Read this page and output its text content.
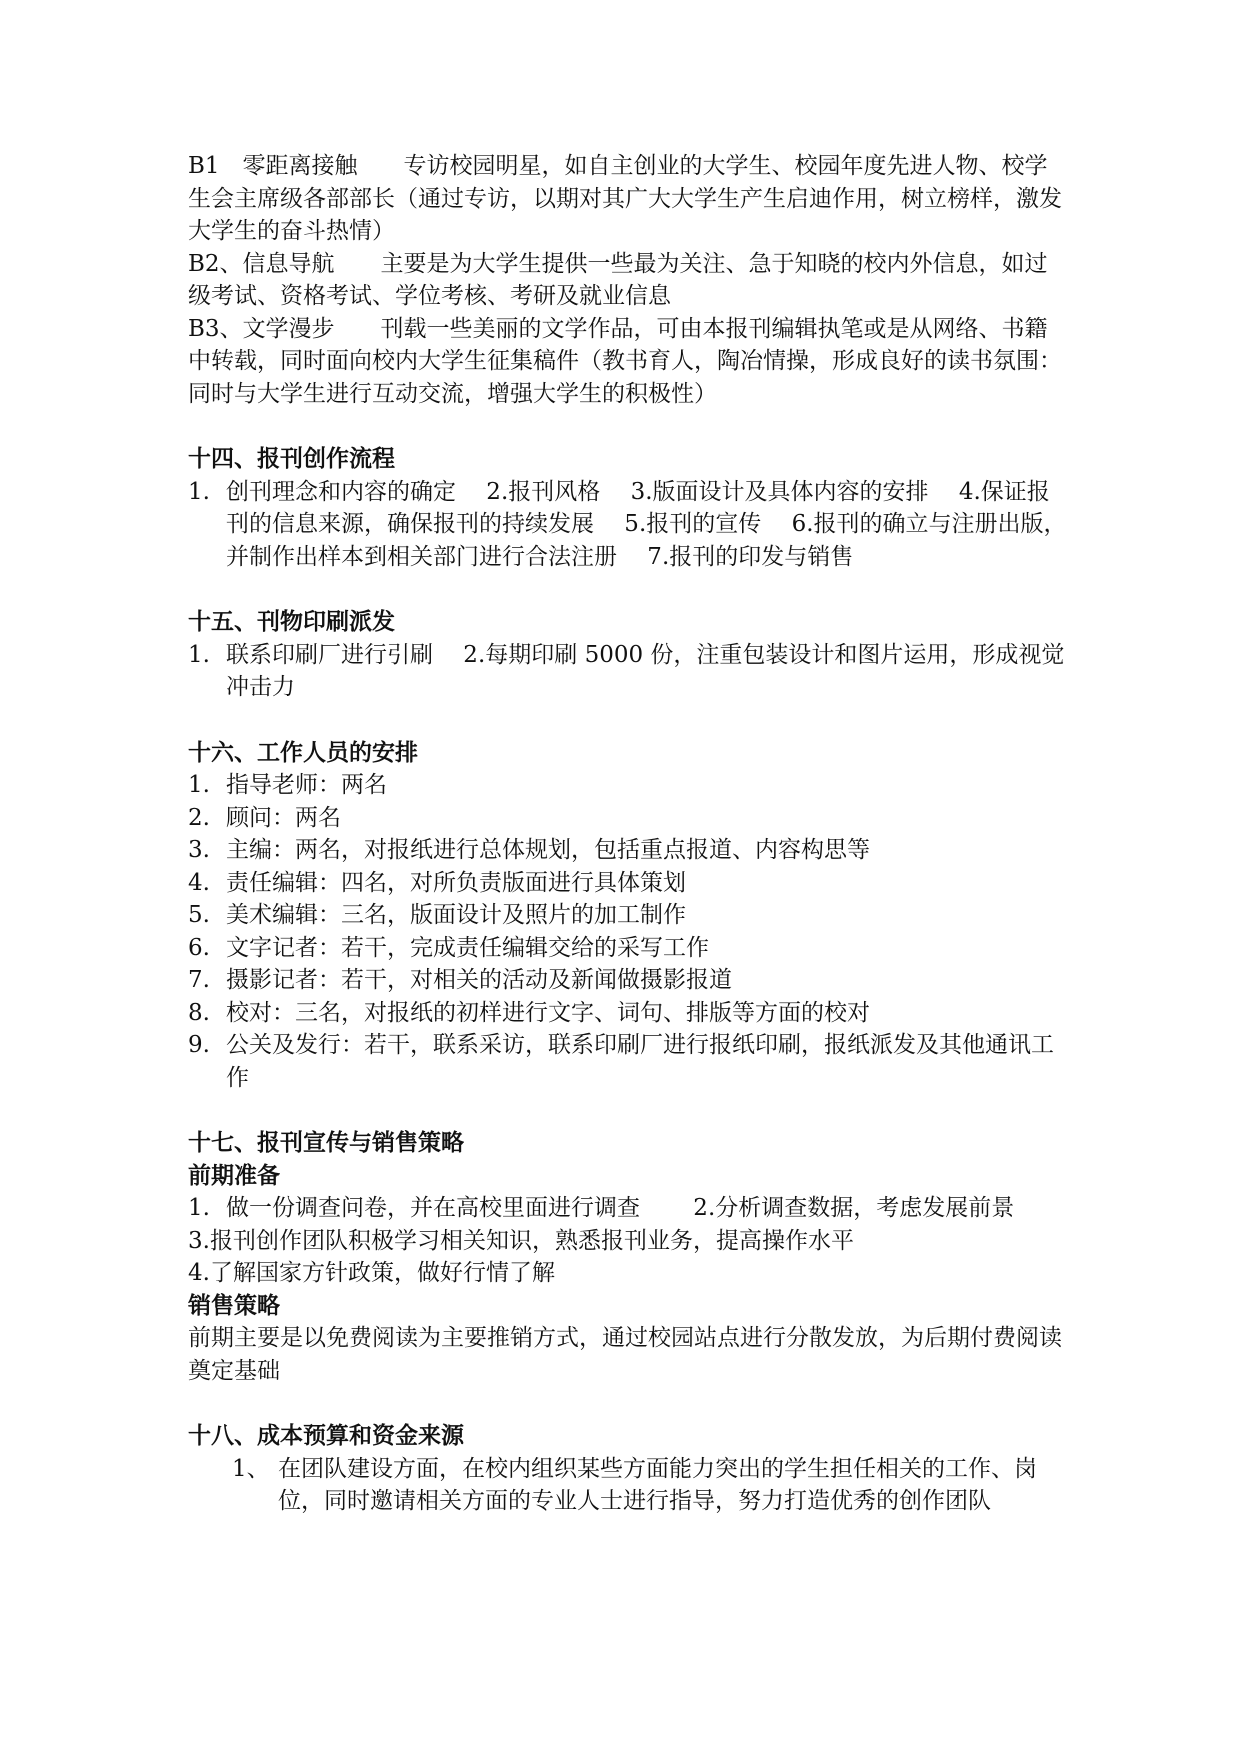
B1　零距离接触　　专访校园明星，如自主创业的大学生、校园年度先进人物、校学生会主席级各部部长（通过专访，以期对其广大大学生产生启迪作用，树立榜样，激发大学生的奋斗热情）

B2、信息导航　　主要是为大学生提供一些最为关注、急于知晓的校内外信息，如过级考试、资格考试、学位考核、考研及就业信息

B3、文学漫步　　刊载一些美丽的文学作品，可由本报刊编辑执笔或是从网络、书籍中转载，同时面向校内大学生征集稿件（教书育人，陶冶情操，形成良好的读书氛围：同时与大学生进行互动交流，增强大学生的积极性）

十四、报刊创作流程
1. 创刊理念和内容的确定　 2.报刊风格　 3.版面设计及具体内容的安排　 4.保证报刊的信息来源，确保报刊的持续发展　 5.报刊的宣传　 6.报刊的确立与注册出版，并制作出样本到相关部门进行合法注册　 7.报刊的印发与销售
十五、刊物印刷派发
1. 联系印刷厂进行引刷　 2.每期印刷 5000 份，注重包装设计和图片运用，形成视觉冲击力
十六、工作人员的安排
1. 指导老师：两名
2. 顾问：两名
3. 主编：两名，对报纸进行总体规划，包括重点报道、内容构思等
4. 责任编辑：四名，对所负责版面进行具体策划
5. 美术编辑：三名，版面设计及照片的加工制作
6. 文字记者：若干，完成责任编辑交给的采写工作
7. 摄影记者：若干，对相关的活动及新闻做摄影报道
8. 校对：三名，对报纸的初样进行文字、词句、排版等方面的校对
9. 公关及发行：若干，联系采访，联系印刷厂进行报纸印刷，报纸派发及其他通讯工作
十七、报刊宣传与销售策略
前期准备
1. 做一份调查问卷，并在高校里面进行调查　　 2.分析调查数据，考虑发展前景

3.报刊创作团队积极学习相关知识，熟悉报刊业务，提高操作水平

4.了解国家方针政策，做好行情了解

销售策略

前期主要是以免费阅读为主要推销方式，通过校园站点进行分散发放，为后期付费阅读奠定基础

十八、成本预算和资金来源
1、 在团队建设方面，在校内组织某些方面能力突出的学生担任相关的工作、岗位，同时邀请相关方面的专业人士进行指导，努力打造优秀的创作团队
